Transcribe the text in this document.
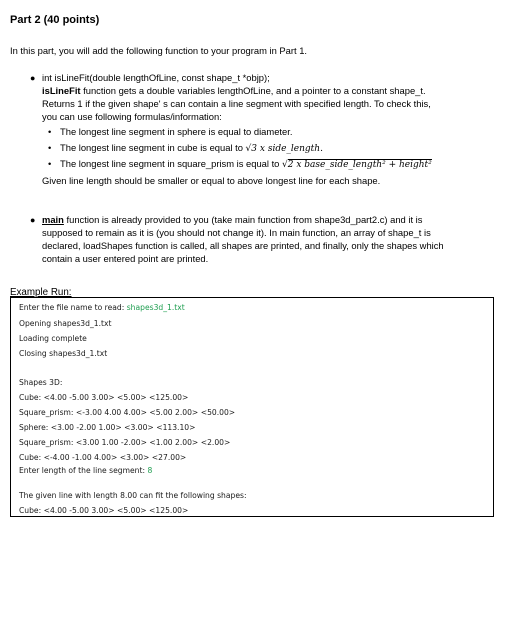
Part 2 (40 points)
In this part, you will add the following function to your program in Part 1.
● int isLineFit(double lengthOfLine, const shape_t *objp);

isLineFit function gets a double variables lengthOfLine, and a pointer to a constant shape_t.

Returns 1 if the given shape' s can contain a line segment with specified length. To check this,

you can use following formulas/information:

• The longest line segment in sphere is equal to diameter.
• The longest line segment in cube is equal to √3 x side_length.
• The longest line segment in square_prism is equal to √2 x base_side_length² + height²
Given line length should be smaller or equal to above longest line for each shape.
● main function is already provided to you (take main function from shape3d_part2.c) and it is

supposed to remain as it is (you should not change it). In main function, an array of shape_t is

declared, loadShapes function is called, all shapes are printed, and finally, only the shapes which

contain a user entered point are printed.

Example Run:
Enter the file name to read: shapes3d_1.txt
Opening shapes3d_1.txt
Loading complete
Closing shapes3d_1.txt
Shapes 3D:
Cube: <4.00 -5.00 3.00> <5.00> <125.00>
Square_prism: <-3.00 4.00 4.00> <5.00 2.00> <50.00>
Sphere: <3.00 -2.00 1.00> <3.00> <113.10>
Square_prism: <3.00 1.00 -2.00> <1.00 2.00> <2.00>
Cube: <-4.00 -1.00 4.00> <3.00> <27.00>
Enter length of the line segment: 8
The given line with length 8.00 can fit the following shapes:
Cube: <4.00 -5.00 3.00> <5.00> <125.00>
